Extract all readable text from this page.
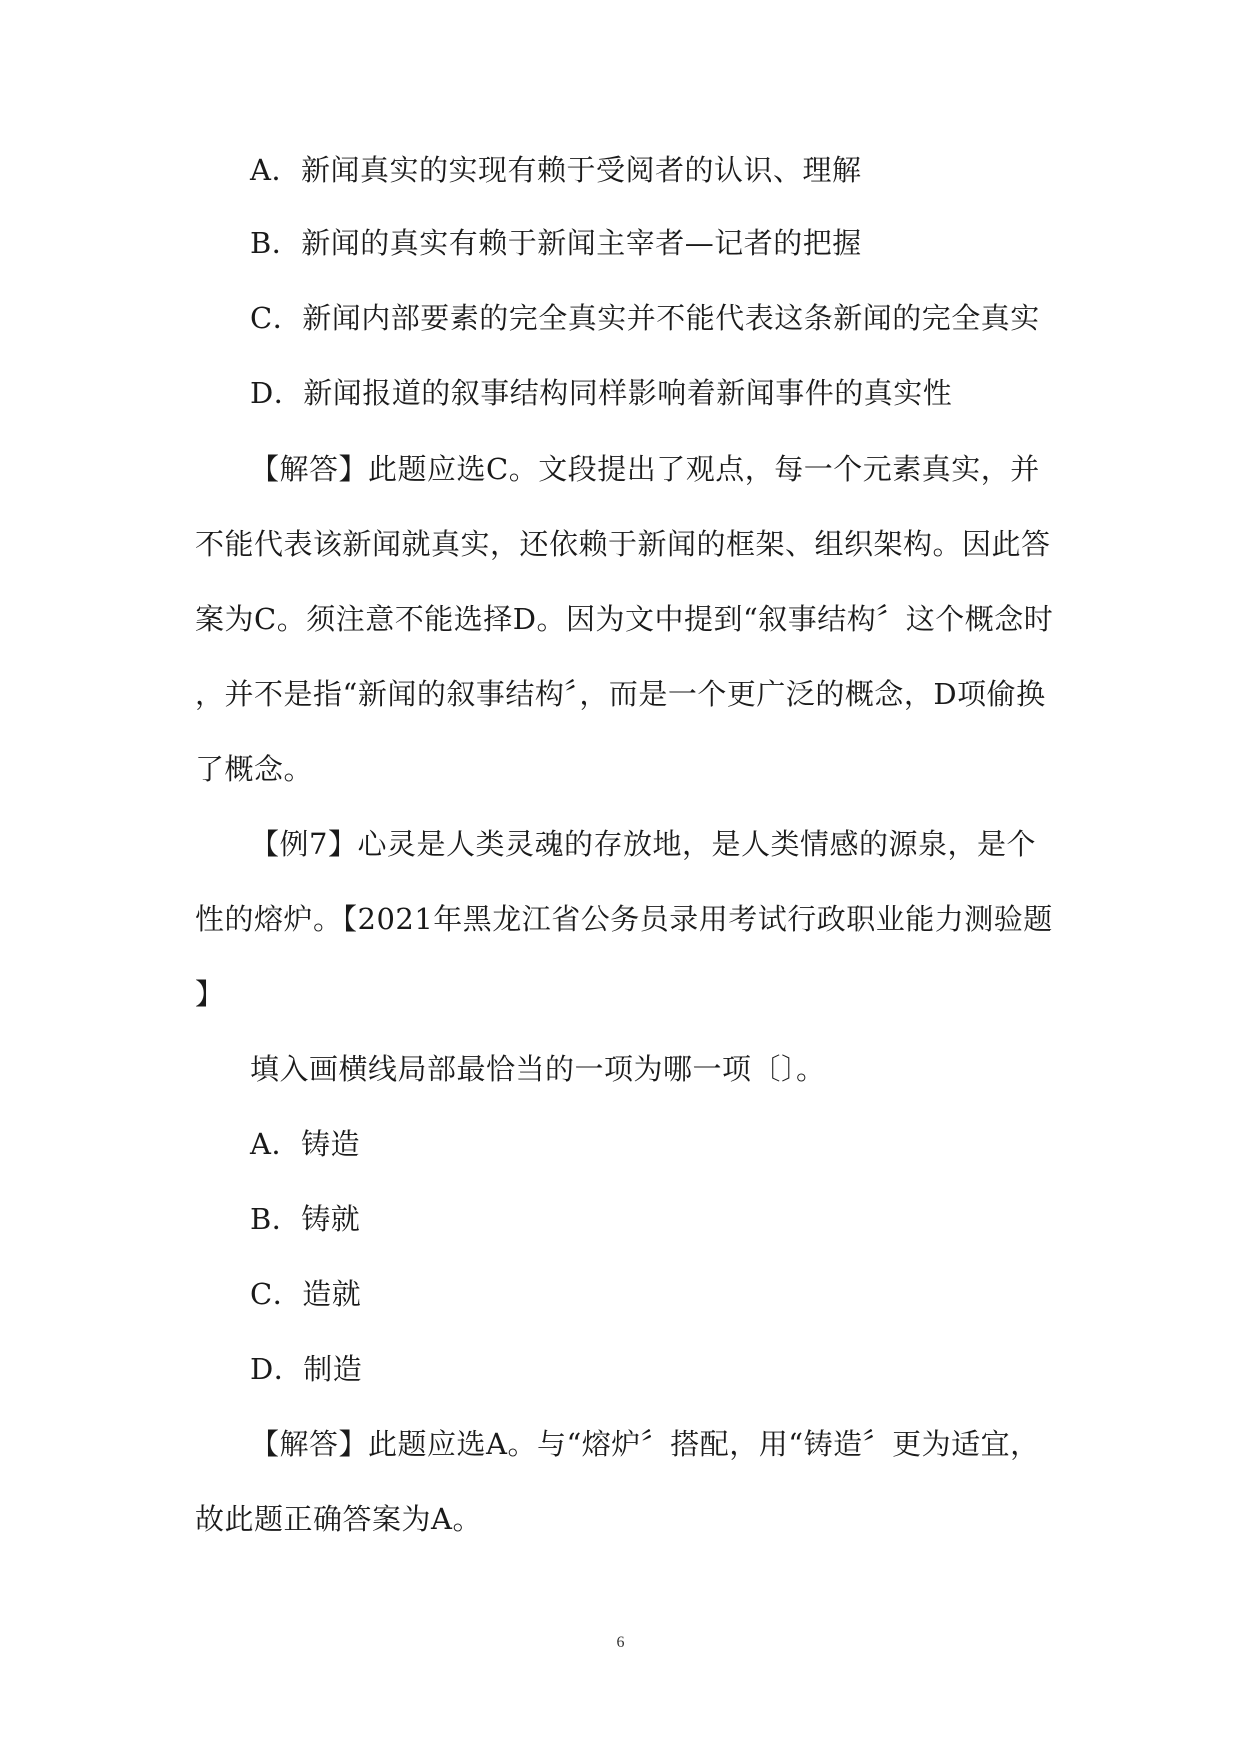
A．新闻真实的实现有赖于受阅者的认识、理解
B．新闻的真实有赖于新闻主宰者—记者的把握
C．新闻内部要素的完全真实并不能代表这条新闻的完全真实
D．新闻报道的叙事结构同样影响着新闻事件的真实性
【解答】此题应选C。文段提出了观点，每一个元素真实，并
不能代表该新闻就真实，还依赖于新闻的框架、组织架构。因此答
案为C。须注意不能选择D。因为文中提到“叙事结构〞这个概念时
，并不是指“新闻的叙事结构〞，而是一个更广泛的概念，D项偷换
了概念。
【例7】心灵是人类灵魂的存放地，是人类情感的源泉，是个
性的熔炉。【2021年黑龙江省公务员录用考试行政职业能力测验题
】
填入画横线局部最恰当的一项为哪一项〔〕。
A．铸造
B．铸就
C．造就
D．制造
【解答】此题应选A。与“熔炉〞搭配，用“铸造〞更为适宜，
故此题正确答案为A。
6
